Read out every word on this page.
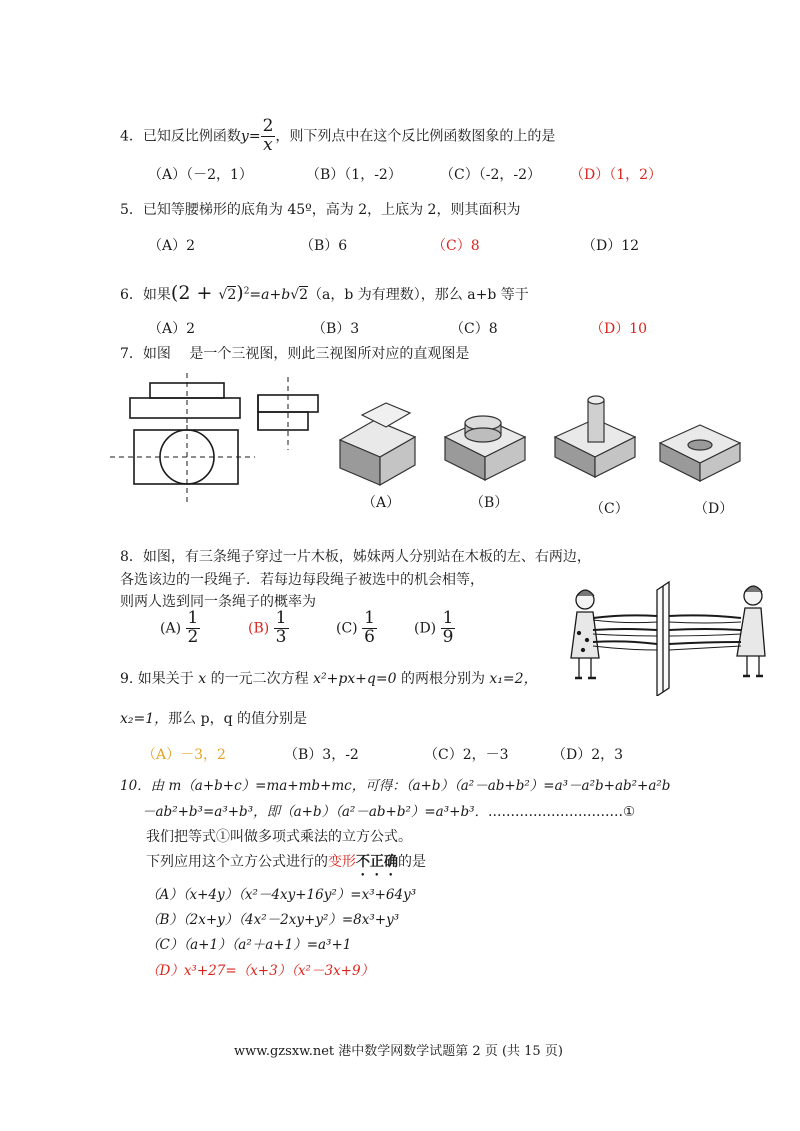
4．已知反比例函数$y= \frac{2}{x}$ ，则下列点中在这个反比例函数图象的上的是
（A）（－2，1）	（B）（1，-2）	（C）（-2，-2） （D）（1，2）
5．已知等腰梯形的底角为 45º，高为 2，上底为 2，则其面积为
（A）2	（B）6	（C）8	（D）12
6．如果$(2 + √2)^2=a+b√2(a$，b 为有理数），那么 a+b 等于
（A）2	（B）3	（C）8	（D）10
7．如图　 是一个三视图，则此三视图所对应的直观图是
（A）	（B）	（C）	（D）
8．如图，有三条绳子穿过一片木板，姊妹两人分别站在木板的左、右两边，
各选该边的一段绳子．若每边每段绳子被选中的机会相等，
则两人选到同一条绳子的概率为
$(A) \frac{1}{2}$	$(B) \frac{1}{3}$	$(C) \frac{1}{6}$	$(D) \frac{1}{9}$
9. 如果关于 x 的一元二次方程 x²+px+q=0 的两根分别为 x₁=2，
x₂=1，那么 p，q 的值分别是
（A）－3，2	（B）3，-2	（C）2，－3	（D）2，3
10．由 m（a+b+c）=ma+mb+mc，可得：（a+b）（a²－ab+b²）=a³－a²b+ab²+a²b
－ab²+b³=a³+b³，即（a+b）（a²－ab+b²）=a³+b³．…………………………①
我们把等式①叫做多项式乘法的立方公式。
下列应用这个立方公式进行的变形不正确的是
（A）（x+4y）（x²－4xy+16y²）=x³+64y³
（B）（2x+y）（4x²－2xy+y²）=8x³+y³
（C）（a+1）（a²＋a+1）=a³+1
（D）x³+27=（x+3）（x²－3x+9）
www.gzsxw.net 港中数学网数学试题第 2 页 (共 15 页)
